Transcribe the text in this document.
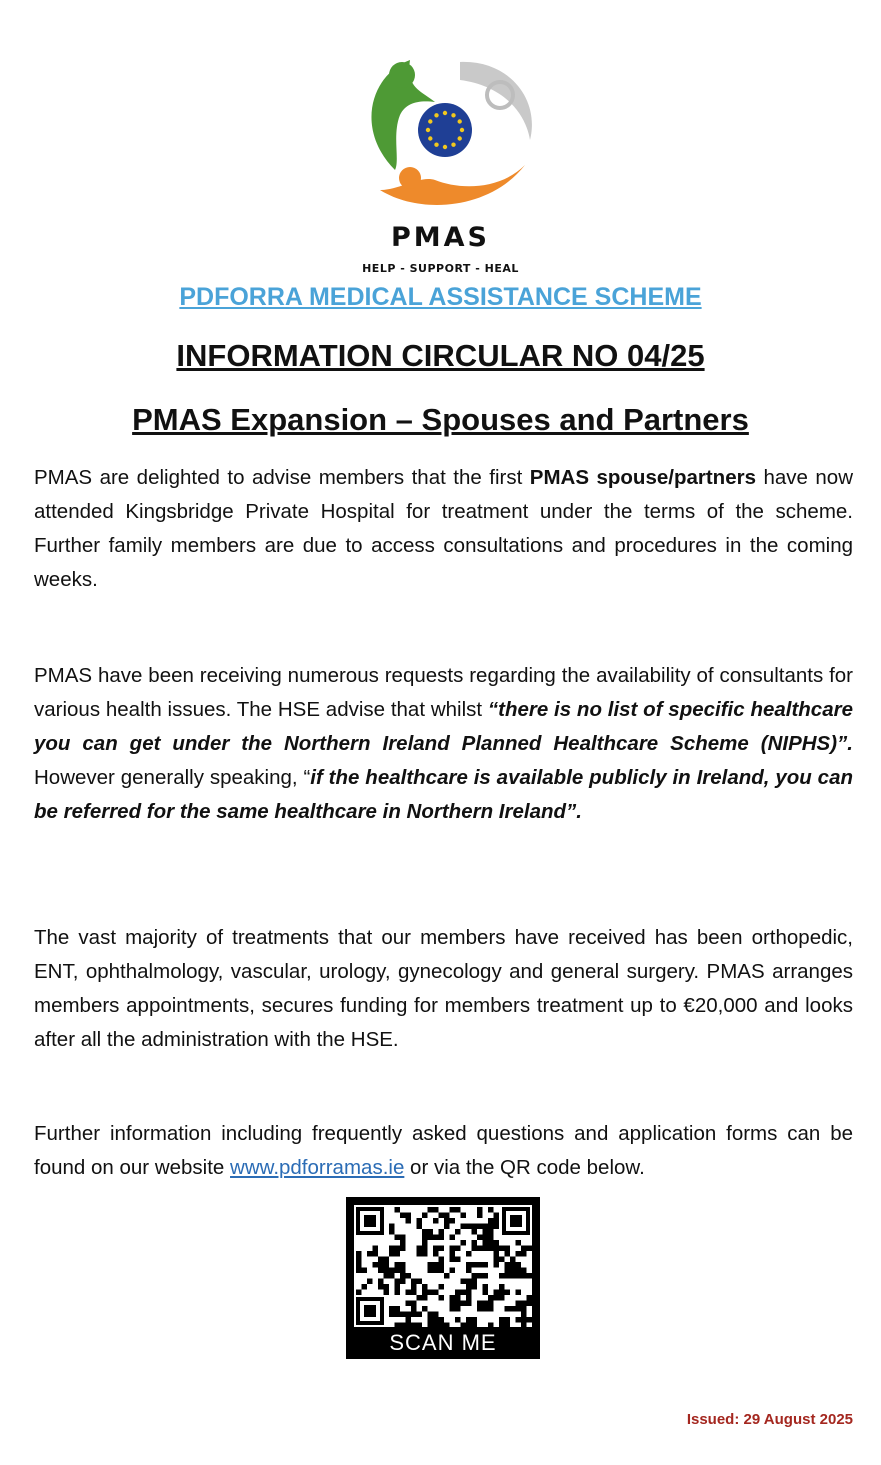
PMAS
HELP - SUPPORT - HEAL
PDFORRA MEDICAL ASSISTANCE SCHEME
INFORMATION CIRCULAR NO 04/25
PMAS Expansion – Spouses and Partners
PMAS are delighted to advise members that the first PMAS spouse/partners have now attended Kingsbridge Private Hospital for treatment under the terms of the scheme. Further family members are due to access consultations and procedures in the coming weeks.
PMAS have been receiving numerous requests regarding the availability of consultants for various health issues. The HSE advise that whilst “there is no list of specific healthcare you can get under the Northern Ireland Planned Healthcare Scheme (NIPHS)”. However generally speaking, “if the healthcare is available publicly in Ireland, you can be referred for the same healthcare in Northern Ireland”.
The vast majority of treatments that our members have received has been orthopedic, ENT, ophthalmology, vascular, urology, gynecology and general surgery. PMAS arranges members appointments, secures funding for members treatment up to €20,000 and looks after all the administration with the HSE.
Further information including frequently asked questions and application forms can be found on our website www.pdforramas.ie or via the QR code below.
SCAN ME
Issued: 29 August 2025
